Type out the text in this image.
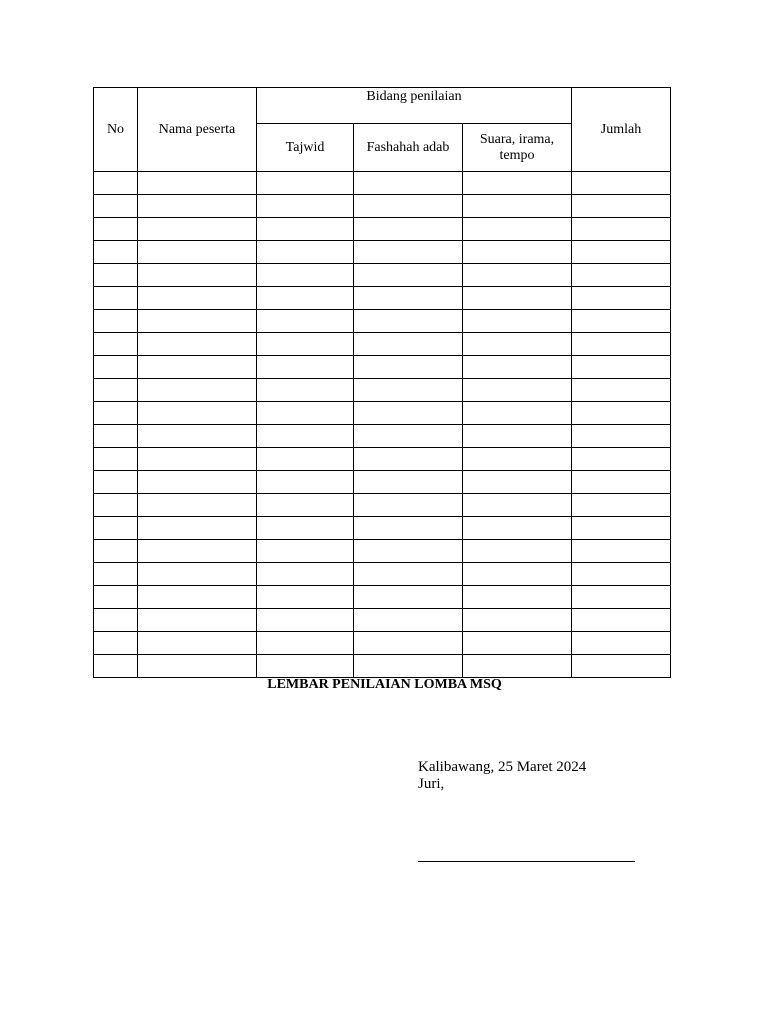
No	Nama peserta	Bidang penilaian			Jumlah
		Tajwid	Fashahah adab	Suara, irama, tempo	

LEMBAR PENILAIAN LOMBA MSQ
Kalibawang, 25 Maret 2024
Juri,
